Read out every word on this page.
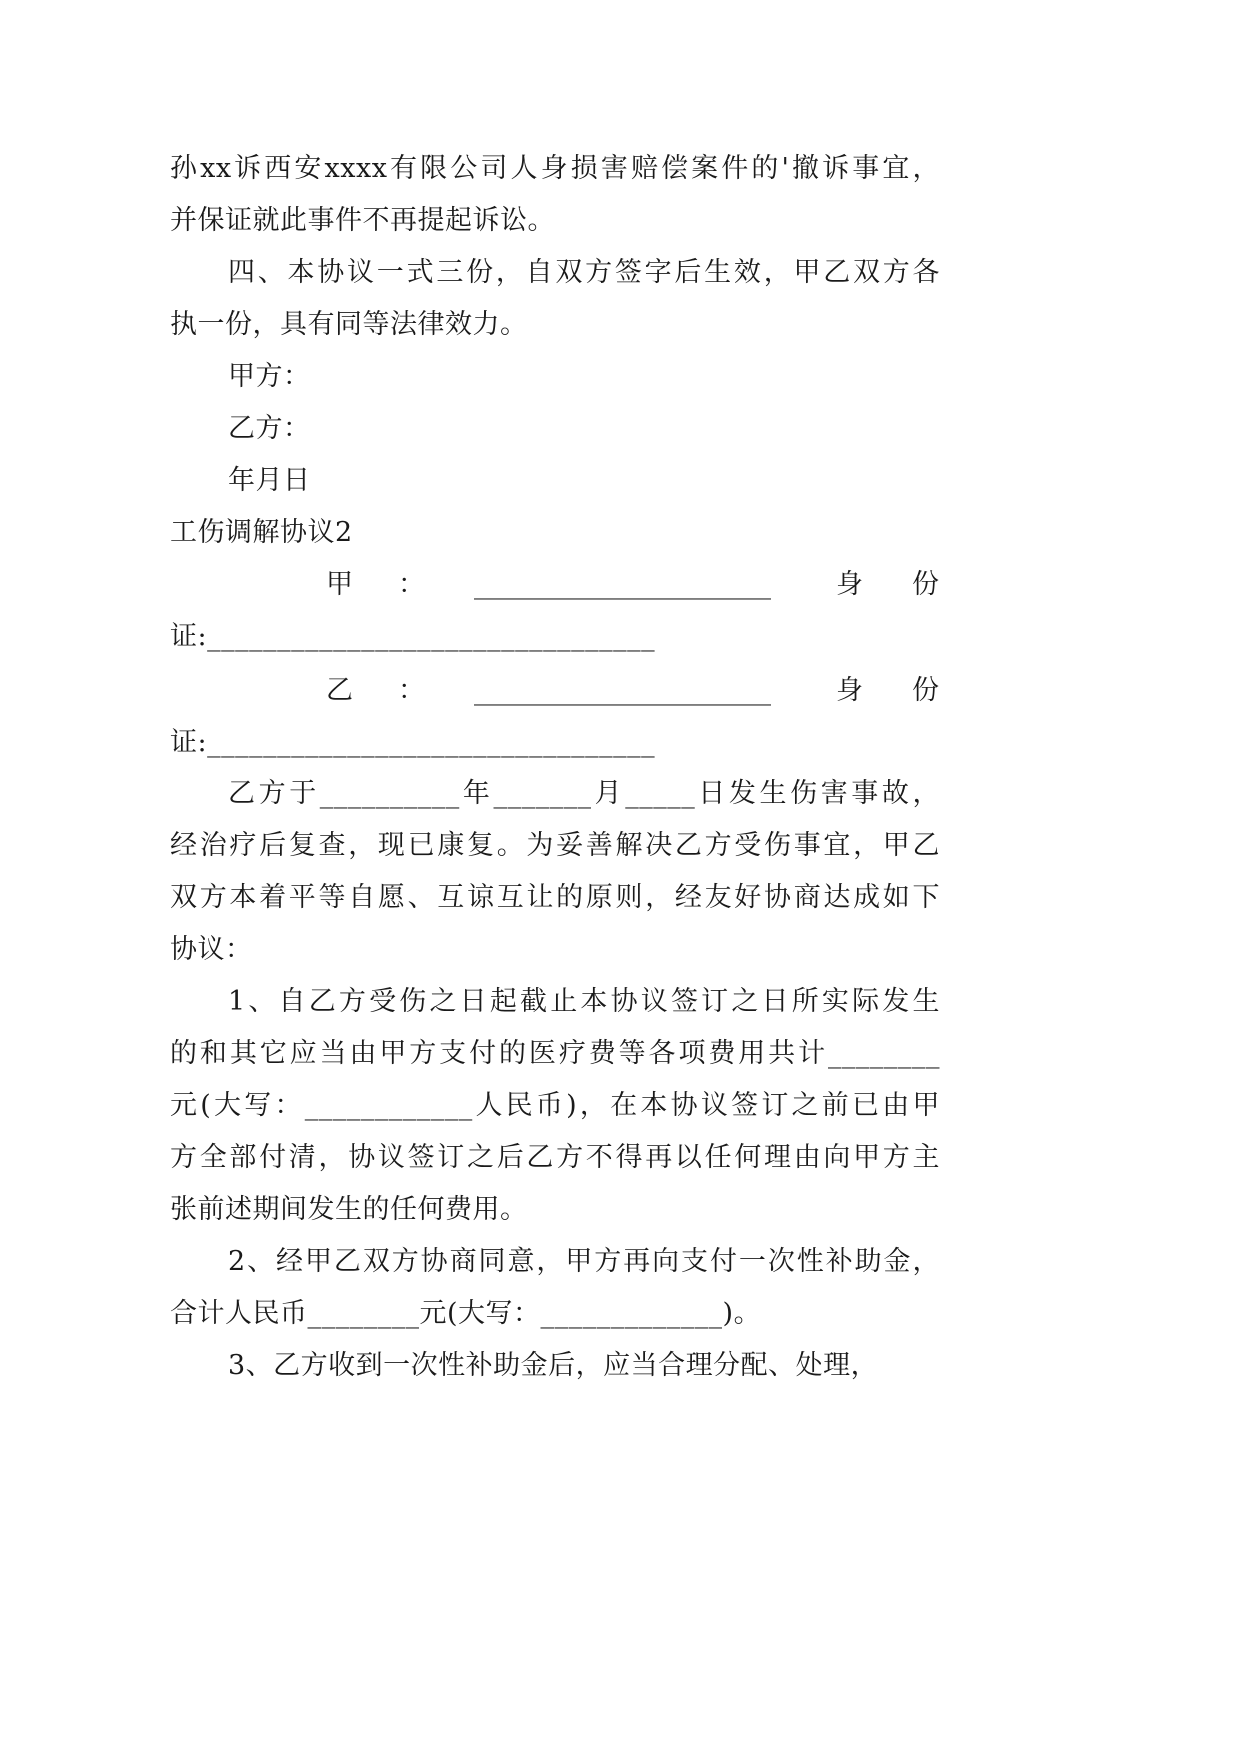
孙xx诉西安xxxx有限公司人身损害赔偿案件的'撤诉事宜，
并保证就此事件不再提起诉讼。
四、本协议一式三份，自双方签字后生效，甲乙双方各
执一份，具有同等法律效力。
甲方：
乙方：
年月日
工伤调解协议2
甲 ： ______________________ 身 份
证:________________________________
乙 ： ______________________ 身 份
证:________________________________
乙方于__________年_______月_____日发生伤害事故，
经治疗后复查，现已康复。为妥善解决乙方受伤事宜，甲乙
双方本着平等自愿、互谅互让的原则，经友好协商达成如下
协议：
1、自乙方受伤之日起截止本协议签订之日所实际发生
的和其它应当由甲方支付的医疗费等各项费用共计________
元(大写：____________人民币)，在本协议签订之前已由甲
方全部付清，协议签订之后乙方不得再以任何理由向甲方主
张前述期间发生的任何费用。
2、经甲乙双方协商同意，甲方再向支付一次性补助金，
合计人民币________元(大写：_____________)。
3、乙方收到一次性补助金后，应当合理分配、处理，
